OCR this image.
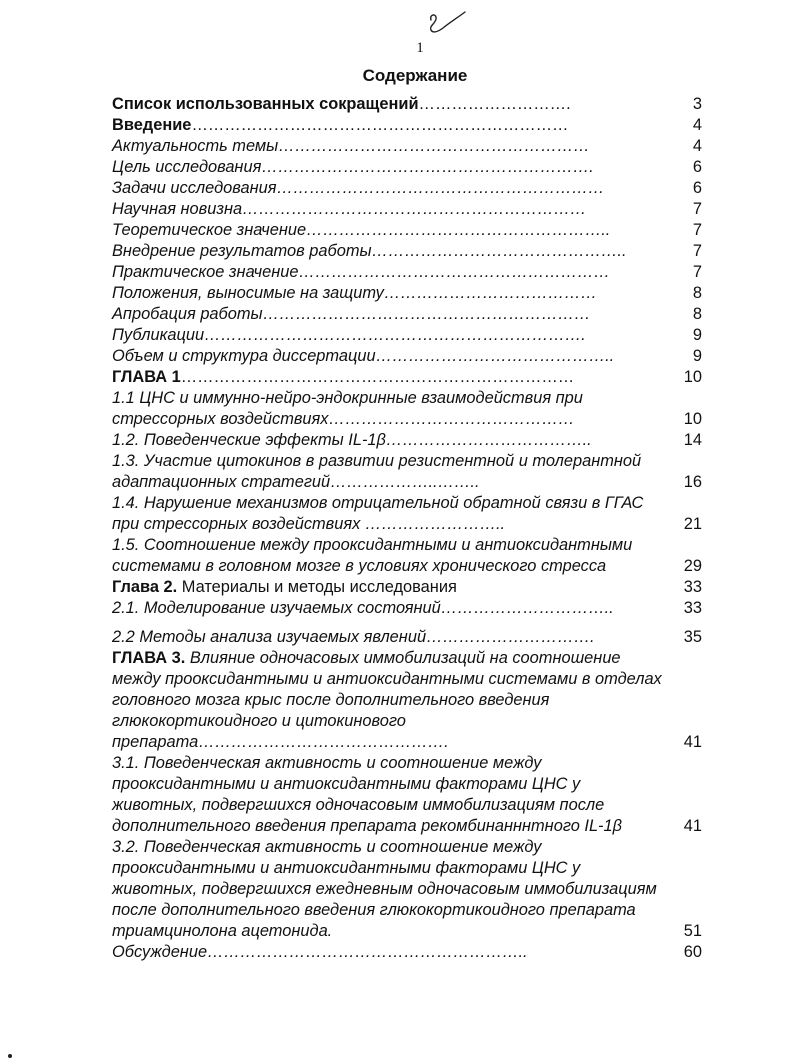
1
Содержание
Список использованных сокращений……………………….	3
Введение……………………………………………………………	4
Актуальность темы…………………………………………………	4
Цель исследования…………………………………………………….	6
Задачи исследования……………………………………………………	6
Научная новизна………………………………………………………	7
Теоретическое значение………………………………………………..	7
Внедрение результатов работы………………………………………..	7
Практическое значение…………………………………………………	7
Положения, выносимые на защиту…………………………………	8
Апробация работы……………………………………………………	8
Публикации…………………………………………………………….	9
Объем и структура диссертации……………………………………..	9
ГЛАВА 1………………………………………………………………	10
1.1 ЦНС и иммунно-нейро-эндокринные взаимодействия при стрессорных воздействиях………………………………………	10
1.2. Поведенческие эффекты IL-1β………………………………..	14
1.3. Участие цитокинов в развитии резистентной и толерантной адаптационных стратегий………………..……..	16
1.4. Нарушение механизмов отрицательной обратной связи в ГГАС при стрессорных воздействиях ……………………..	21
1.5. Соотношение между прооксидантными и антиоксидантными системами в головном мозге в условиях хронического стресса	29
Глава 2. Материалы и методы исследования	33
2.1. Моделирование изучаемых состояний…………………………..	33
2.2 Методы анализа изучаемых явлений………………………….	35
ГЛАВА 3. Влияние одночасовых иммобилизаций на соотношение между прооксидантными и антиоксидантными системами в отделах головного мозга крыс после дополнительного введения глюкокортикоидного и цитокинового препарата……………………………………….	41
3.1. Поведенческая активность и соотношение между прооксидантными и антиоксидантными факторами ЦНС у животных, подвергшихся одночасовым иммобилизациям после дополнительного введения препарата рекомбинанннтного IL-1β	41
3.2. Поведенческая активность и соотношение между прооксидантными и антиоксидантными факторами ЦНС у животных, подвергшихся ежедневным одночасовым иммобилизациям после дополнительного введения глюкокортикоидного препарата триамцинолона ацетонида.	51
Обсуждение…………………………………………………..	60
